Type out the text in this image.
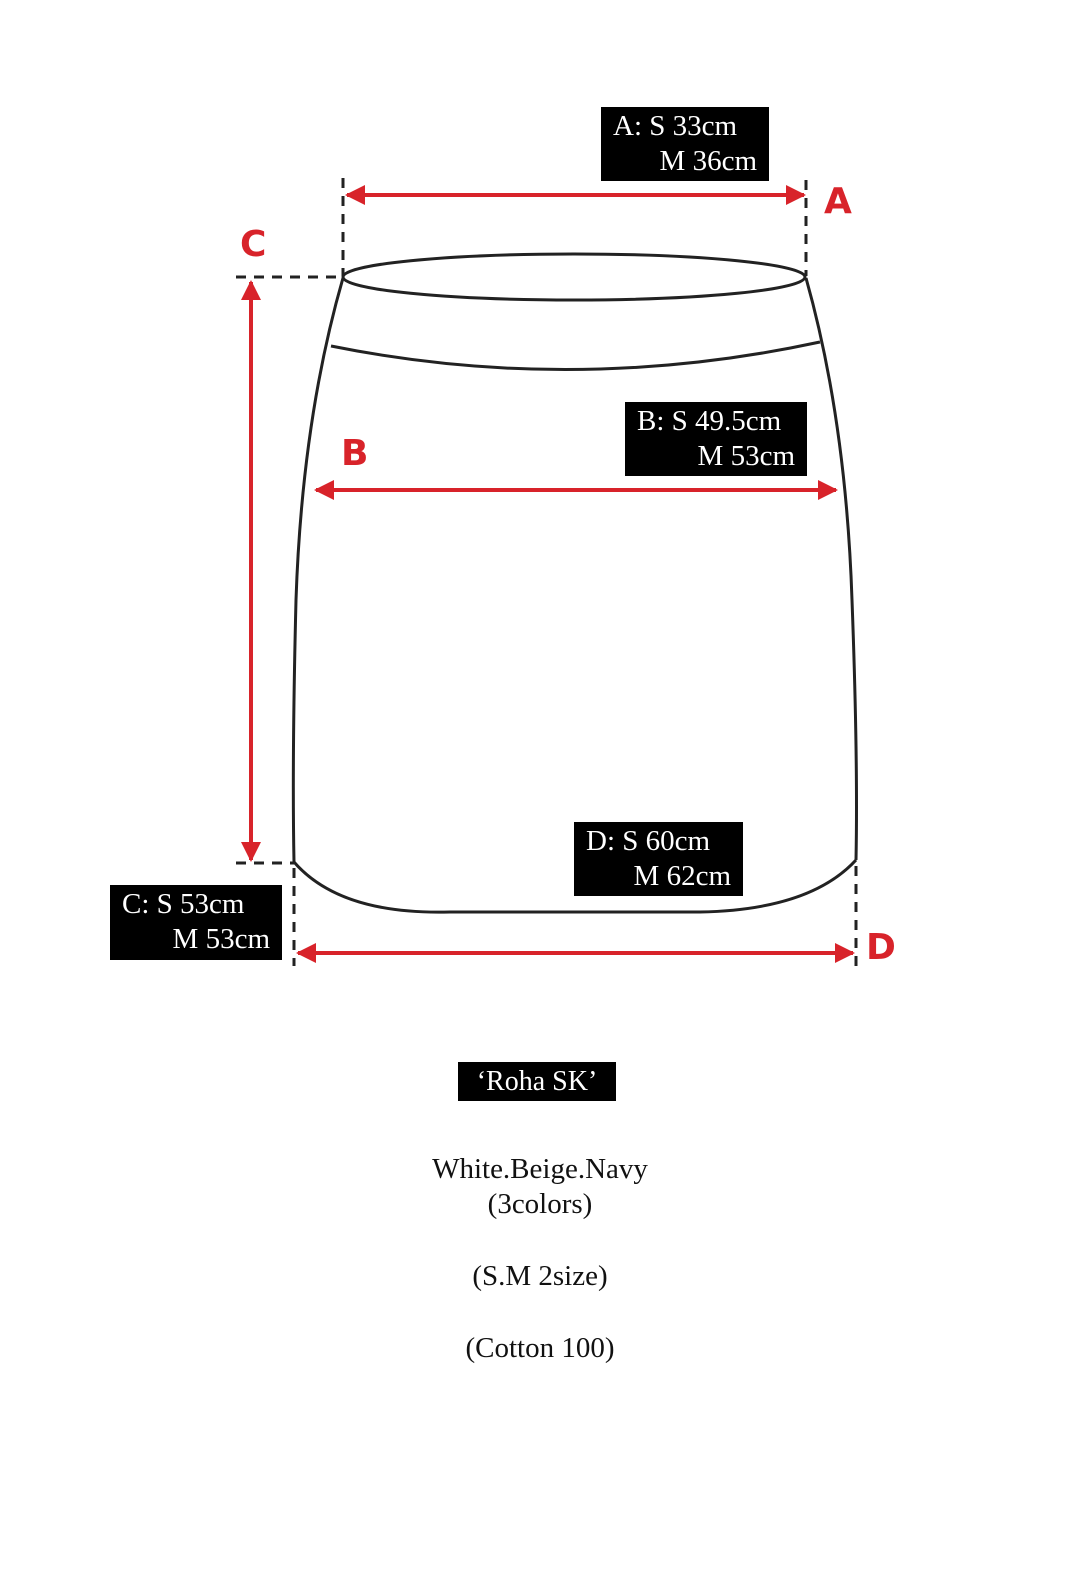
A
B
C
D
A: S 33cm
M 36cm
B: S 49.5cm
M 53cm
D: S 60cm
M 62cm
C: S 53cm
M 53cm
‘Roha SK’
White.Beige.Navy
(3colors)
(S.M 2size)
(Cotton 100)
